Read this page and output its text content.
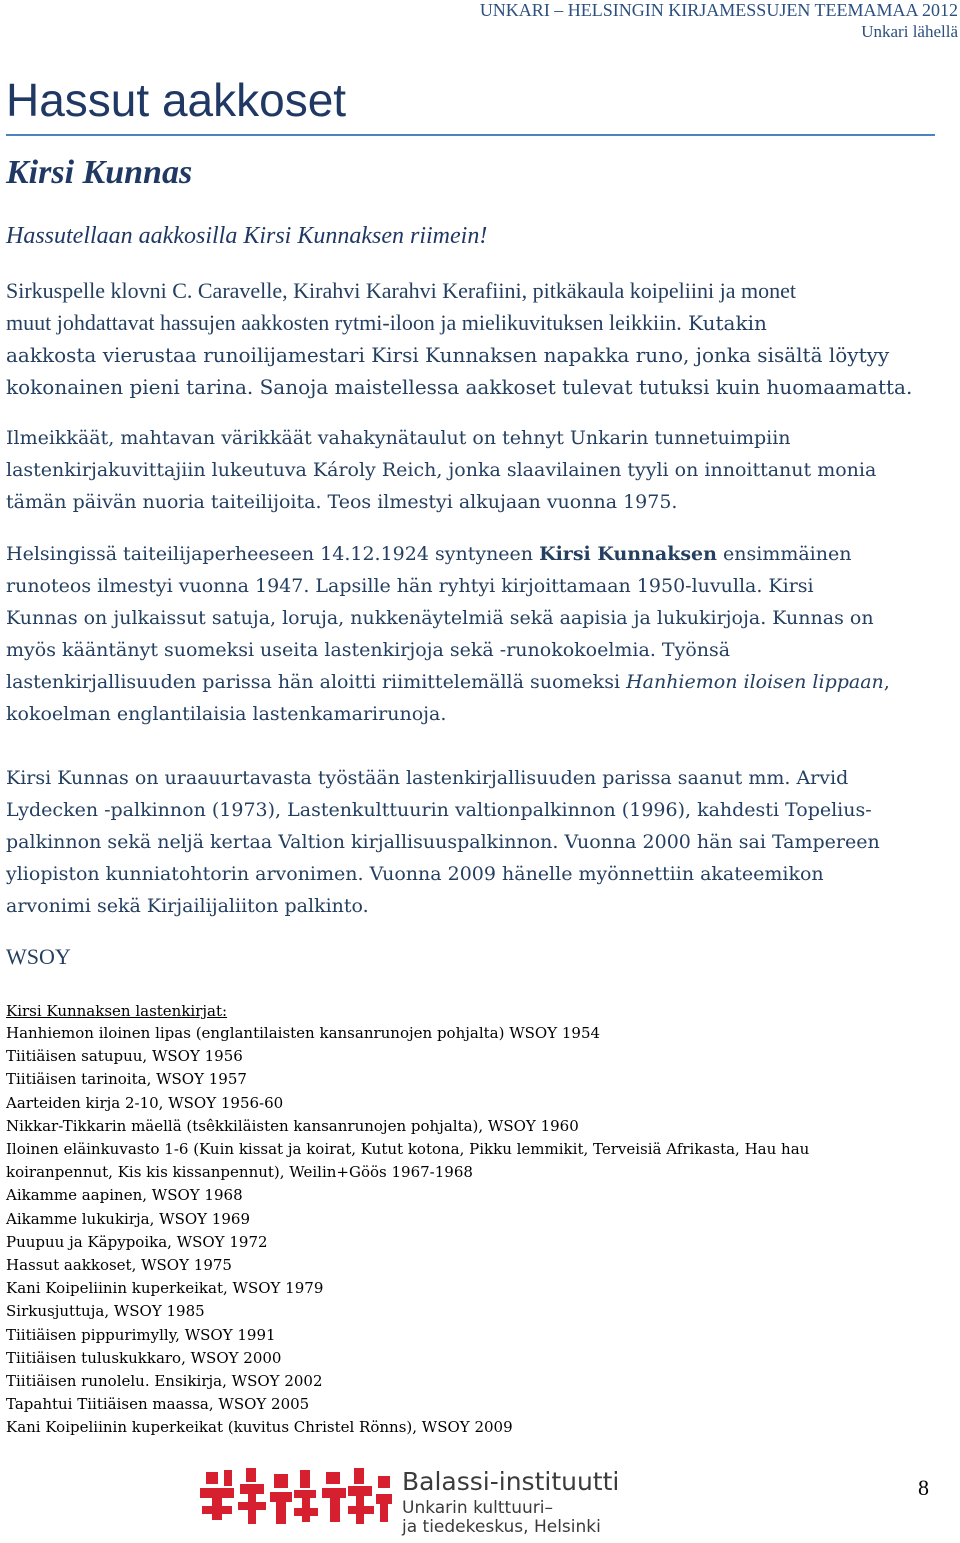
UNKARI – HELSINGIN KIRJAMESSUJEN TEEMAMAA 2012
Unkari lähellä
Hassut aakkoset
Kirsi Kunnas
Hassutellaan aakkosilla Kirsi Kunnaksen riimein!
Sirkuspelle klovni C. Caravelle, Kirahvi Karahvi Kerafiini, pitkäkaula koipeliini ja monet
muut johdattavat hassujen aakkosten rytmi-iloon ja mielikuvituksen leikkiin. Kutakin
aakkosta vierustaa runoilijamestari Kirsi Kunnaksen napakka runo, jonka sisältä löytyy
kokonainen pieni tarina. Sanoja maistellessa aakkoset tulevat tutuksi kuin huomaamatta.
Ilmeikkäät, mahtavan värikkäät vahakynätaulut on tehnyt Unkarin tunnetuimpiin
lastenkirjakuvittajiin lukeutuva Károly Reich, jonka slaavilainen tyyli on innoittanut monia
tämän päivän nuoria taiteilijoita. Teos ilmestyi alkujaan vuonna 1975.
Helsingissä taiteilijaperheeseen 14.12.1924 syntyneen Kirsi Kunnaksen ensimmäinen
runoteos ilmestyi vuonna 1947. Lapsille hän ryhtyi kirjoittamaan 1950-luvulla. Kirsi
Kunnas on julkaissut satuja, loruja, nukkenäytelmiä sekä aapisia ja lukukirjoja. Kunnas on
myös kääntänyt suomeksi useita lastenkirjoja sekä -runokokoelmia. Työnsä
lastenkirjallisuuden parissa hän aloitti riimittelemällä suomeksi Hanhiemon iloisen lippaan,
kokoelman englantilaisia lastenkamarirunoja.
Kirsi Kunnas on uraauurtavasta työstään lastenkirjallisuuden parissa saanut mm. Arvid
Lydecken -palkinnon (1973), Lastenkulttuurin valtionpalkinnon (1996), kahdesti Topelius-
palkinnon sekä neljä kertaa Valtion kirjallisuuspalkinnon. Vuonna 2000 hän sai Tampereen
yliopiston kunniatohtorin arvonimen. Vuonna 2009 hänelle myönnettiin akateemikon
arvonimi sekä Kirjailijaliiton palkinto.
WSOY
Kirsi Kunnaksen lastenkirjat:
Hanhiemon iloinen lipas (englantilaisten kansanrunojen pohjalta) WSOY 1954
Tiitiäisen satupuu, WSOY 1956
Tiitiäisen tarinoita, WSOY 1957
Aarteiden kirja 2-10, WSOY 1956-60
Nikkar-Tikkarin mäellä (tsêkkiläisten kansanrunojen pohjalta), WSOY 1960
Iloinen eläinkuvasto 1-6 (Kuin kissat ja koirat, Kutut kotona, Pikku lemmikit, Terveisiä Afrikasta, Hau hau
koiranpennut, Kis kis kissanpennut), Weilin+Göös 1967-1968
Aikamme aapinen, WSOY 1968
Aikamme lukukirja, WSOY 1969
Puupuu ja Käpypoika, WSOY 1972
Hassut aakkoset, WSOY 1975
Kani Koipeliinin kuperkeikat, WSOY 1979
Sirkusjuttuja, WSOY 1985
Tiitiäisen pippurimylly, WSOY 1991
Tiitiäisen tuluskukkaro, WSOY 2000
Tiitiäisen runolelu. Ensikirja, WSOY 2002
Tapahtui Tiitiäisen maassa, WSOY 2005
Kani Koipeliinin kuperkeikat (kuvitus Christel Rönns), WSOY 2009
Balassi-instituutti
Unkarin kulttuuri–
ja tiedekeskus, Helsinki
8
